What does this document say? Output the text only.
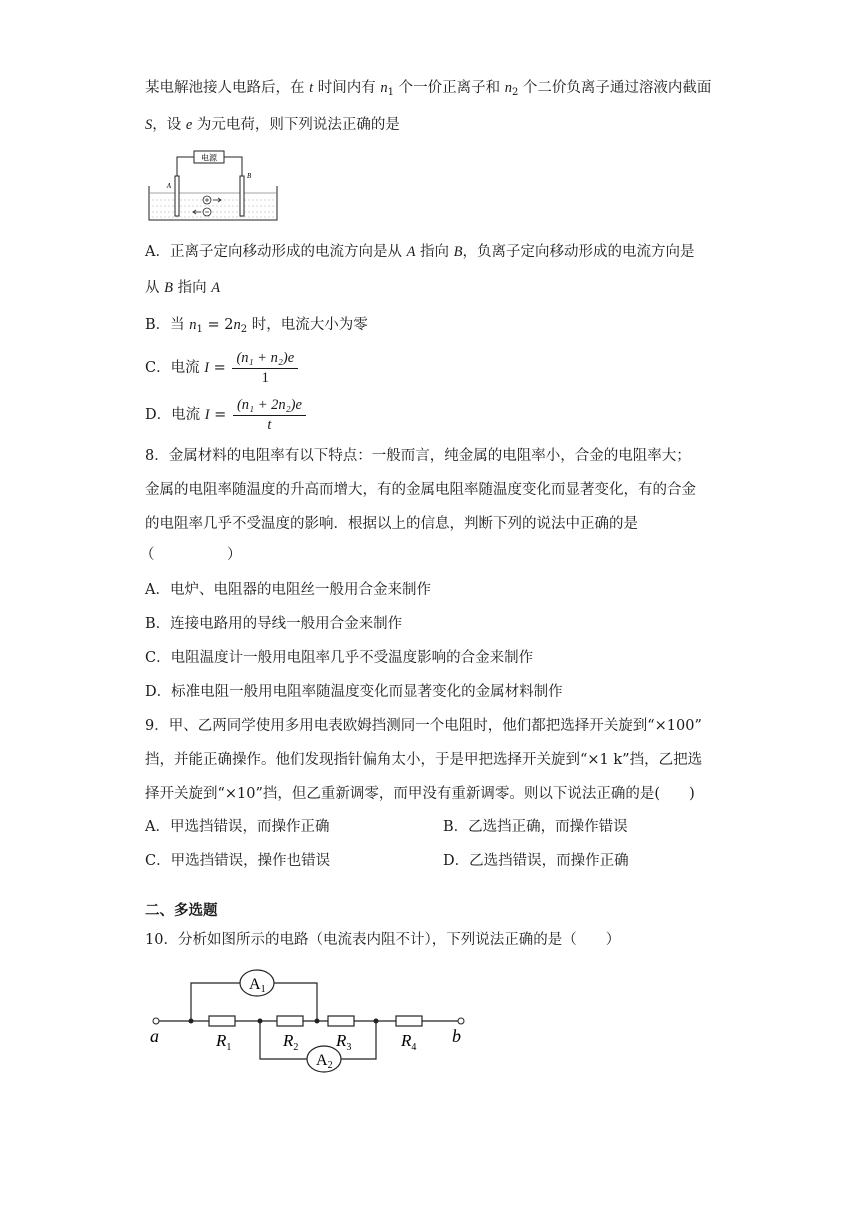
某电解池接人电路后，在 t 时间内有 $n_1$ 个一价正离子和 $n_2$ 个二价负离子通过溶液内截面
S，设 e 为元电荷，则下列说法正确的是
电源
A
B
A．正离子定向移动形成的电流方向是从 A 指向 B，负离子定向移动形成的电流方向是
从 B 指向 A
B．当 $n_1 = 2n_2$ 时，电流大小为零
C．电流 $I = \frac{\text{(n₁ + n₂)e}}{1}$
D．电流 $I = \frac{\text{(n₁ + 2n₂)e}}{t}$
8．金属材料的电阻率有以下特点：一般而言，纯金属的电阻率小，合金的电阻率大；
金属的电阻率随温度的升高而增大，有的金属电阻率随温度变化而显著变化，有的合金
的电阻率几乎不受温度的影响．根据以上的信息，判断下列的说法中正确的是
（　　　　　）
A．电炉、电阻器的电阻丝一般用合金来制作
B．连接电路用的导线一般用合金来制作
C．电阻温度计一般用电阻率几乎不受温度影响的合金来制作
D．标准电阻一般用电阻率随温度变化而显著变化的金属材料制作
9．甲、乙两同学使用多用电表欧姆挡测同一个电阻时，他们都把选择开关旋到“×100”
挡，并能正确操作。他们发现指针偏角太小，于是甲把选择开关旋到“×1 k”挡，乙把选
择开关旋到“×10”挡，但乙重新调零，而甲没有重新调零。则以下说法正确的是(　　)
A．甲选挡错误，而操作正确	B．乙选挡正确，而操作错误
C．甲选挡错误，操作也错误	D．乙选挡错误，而操作正确
二、多选题
10．分析如图所示的电路（电流表内阻不计），下列说法正确的是（　　）
A1
A2
$R_1$	$R_2$ $R_3$	$R_4$
a	b
